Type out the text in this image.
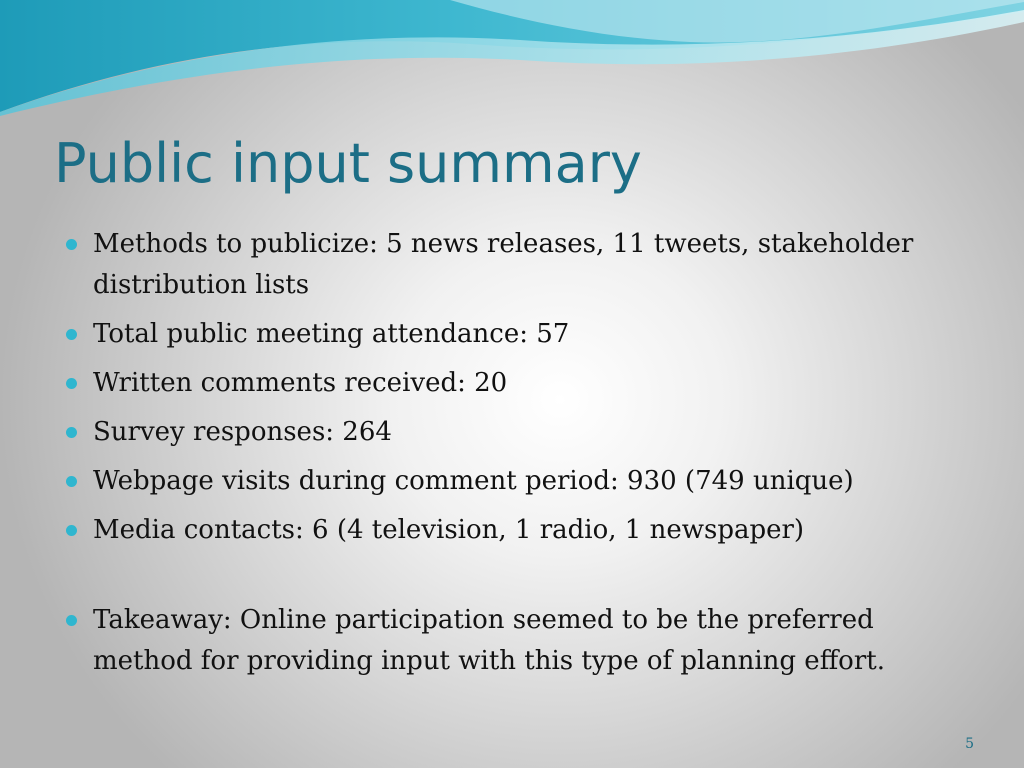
Public input summary
Methods to publicize: 5 news releases, 11 tweets, stakeholder distribution lists
Total public meeting attendance: 57
Written comments received: 20
Survey responses: 264
Webpage visits during comment period: 930 (749 unique)
Media contacts: 6 (4 television, 1 radio, 1 newspaper)
Takeaway: Online participation seemed to be the preferred method for providing input with this type of planning effort.
5
